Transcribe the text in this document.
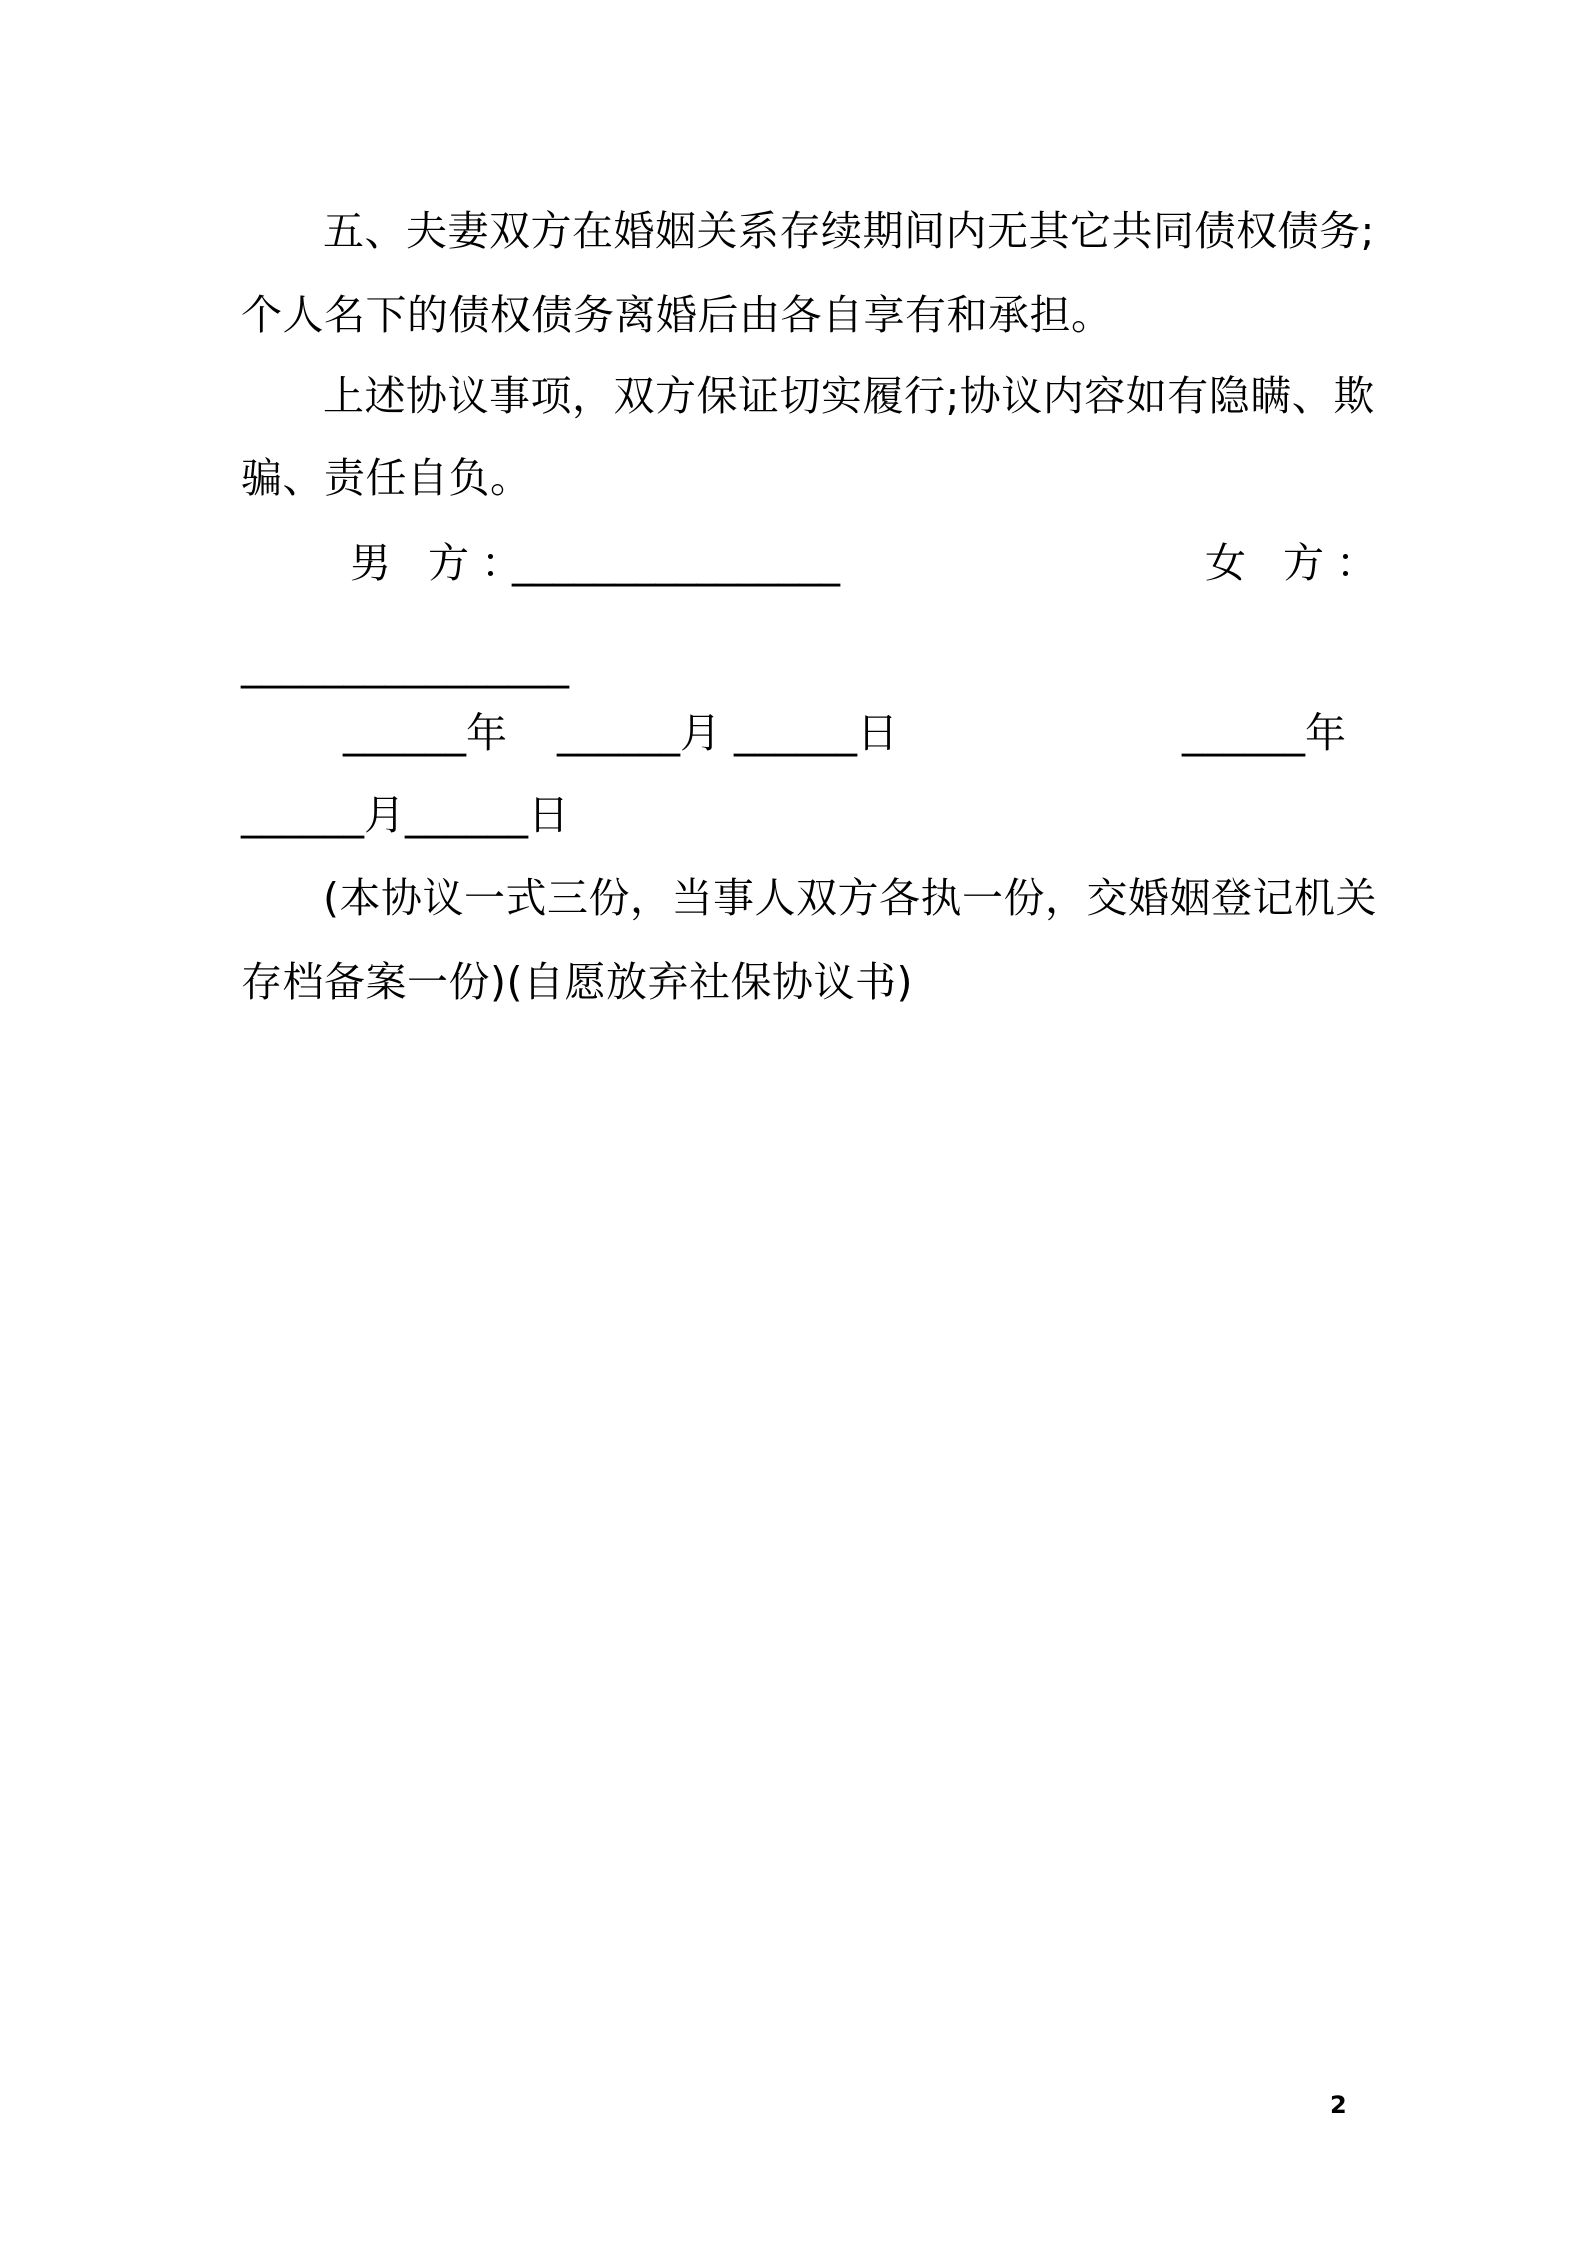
五、夫妻双方在婚姻关系存续期间内无其它共同债权债务;
个人名下的债权债务离婚后由各自享有和承担。
上述协议事项，双方保证切实履行;协议内容如有隐瞒、欺
骗、责任自负。
男 方：
________________	女 方：
________________
______年 ______月 ______日	______年
______月______日
(本协议一式三份，当事人双方各执一份，交婚姻登记机关
存档备案一份)(自愿放弃社保协议书)
2
